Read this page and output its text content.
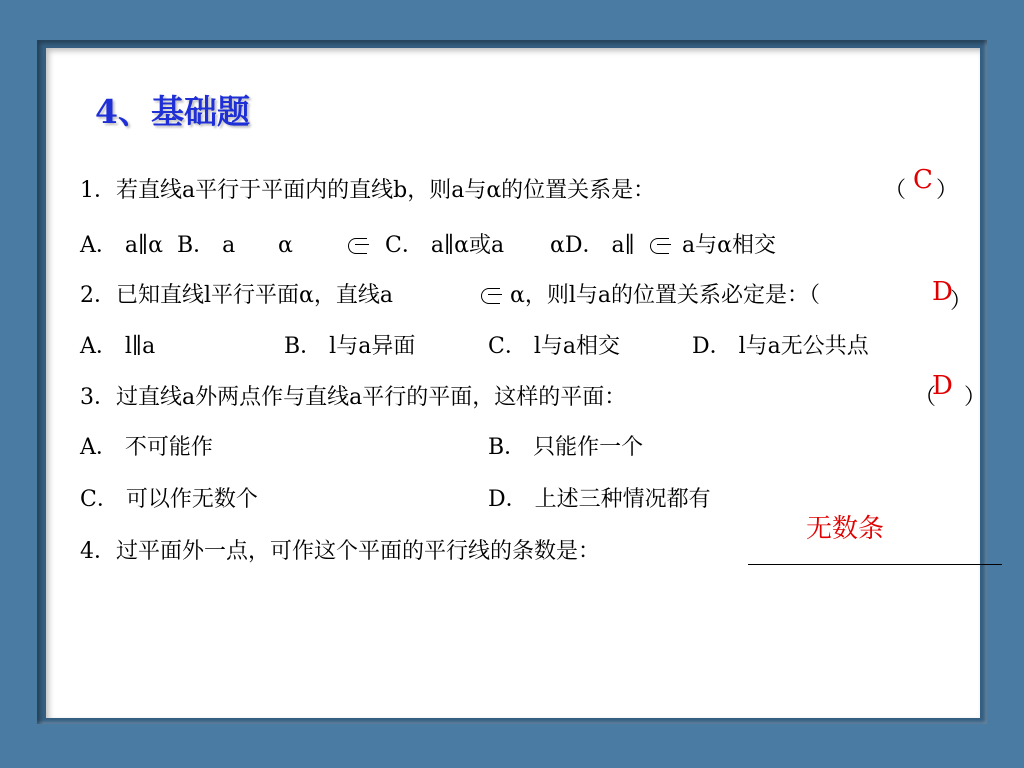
4、基础题
1．若直线a平行于平面内的直线b，则a与α的位置关系是：	（ C ）
A． a∥α  B． a α	C． a∥α或a αD． a∥ a与α相交
2．已知直线l平行平面α，直线a	α，则l与a的位置关系必定是：（	D
）
A． l∥a	B． l与a异面	C． l与a相交	D． l与a无公共点
3．过直线a外两点作与直线a平行的平面，这样的平面：	（
D ）
A． 不可能作	B． 只能作一个
C． 可以作无数个	D． 上述三种情况都有
无数条
4．过平面外一点，可作这个平面的平行线的条数是：
